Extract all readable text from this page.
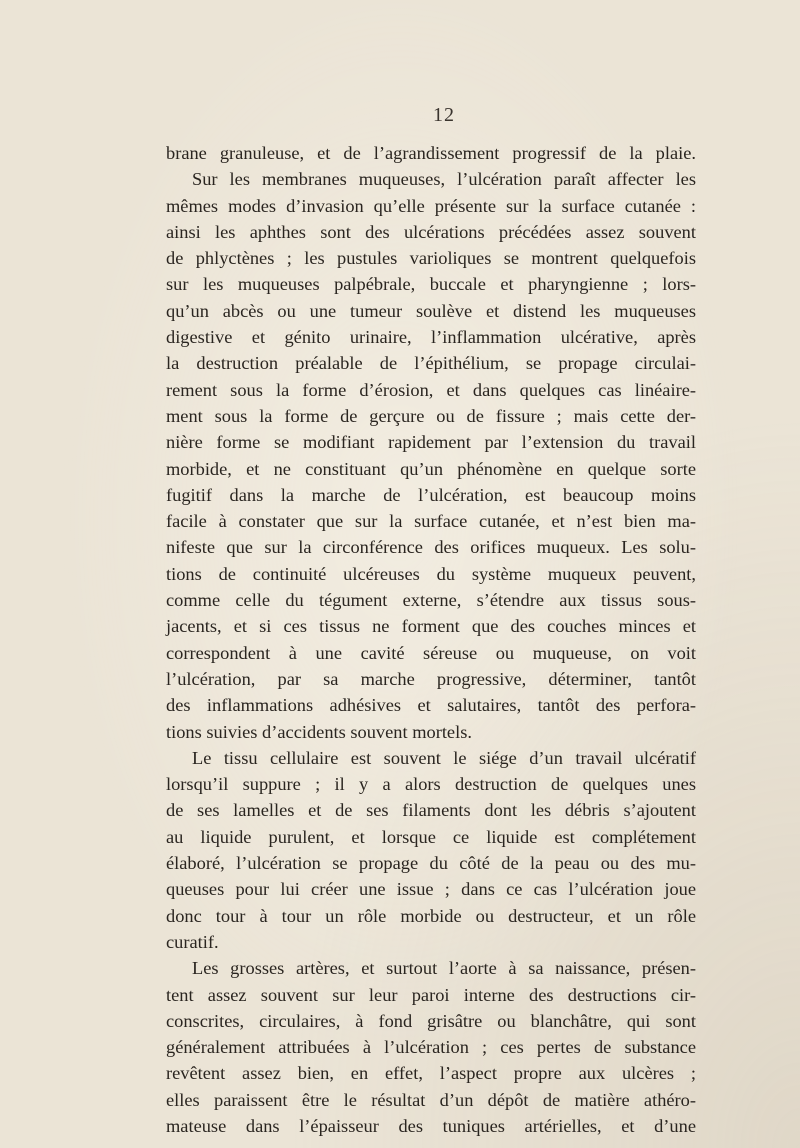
12
brane granuleuse, et de l’agrandissement progressif de la plaie.
Sur les membranes muqueuses, l’ulcération paraît affecter les
mêmes modes d’invasion qu’elle présente sur la surface cutanée :
ainsi les aphthes sont des ulcérations précédées assez souvent
de phlyctènes ; les pustules varioliques se montrent quelquefois
sur les muqueuses palpébrale, buccale et pharyngienne ; lors-
qu’un abcès ou une tumeur soulève et distend les muqueuses
digestive et génito urinaire, l’inflammation ulcérative, après
la destruction préalable de l’épithélium, se propage circulai-
rement sous la forme d’érosion, et dans quelques cas linéaire-
ment sous la forme de gerçure ou de fissure ; mais cette der-
nière forme se modifiant rapidement par l’extension du travail
morbide, et ne constituant qu’un phénomène en quelque sorte
fugitif dans la marche de l’ulcération, est beaucoup moins
facile à constater que sur la surface cutanée, et n’est bien ma-
nifeste que sur la circonférence des orifices muqueux. Les solu-
tions de continuité ulcéreuses du système muqueux peuvent,
comme celle du tégument externe, s’étendre aux tissus sous-
jacents, et si ces tissus ne forment que des couches minces et
correspondent à une cavité séreuse ou muqueuse, on voit
l’ulcération, par sa marche progressive, déterminer, tantôt
des inflammations adhésives et salutaires, tantôt des perfora-
tions suivies d’accidents souvent mortels.
Le tissu cellulaire est souvent le siége d’un travail ulcératif
lorsqu’il suppure ; il y a alors destruction de quelques unes
de ses lamelles et de ses filaments dont les débris s’ajoutent
au liquide purulent, et lorsque ce liquide est complétement
élaboré, l’ulcération se propage du côté de la peau ou des mu-
queuses pour lui créer une issue ; dans ce cas l’ulcération joue
donc tour à tour un rôle morbide ou destructeur, et un rôle
curatif.
Les grosses artères, et surtout l’aorte à sa naissance, présen-
tent assez souvent sur leur paroi interne des destructions cir-
conscrites, circulaires, à fond grisâtre ou blanchâtre, qui sont
généralement attribuées à l’ulcération ; ces pertes de substance
revêtent assez bien, en effet, l’aspect propre aux ulcères ;
elles paraissent être le résultat d’un dépôt de matière athéro-
mateuse dans l’épaisseur des tuniques artérielles, et d’une
